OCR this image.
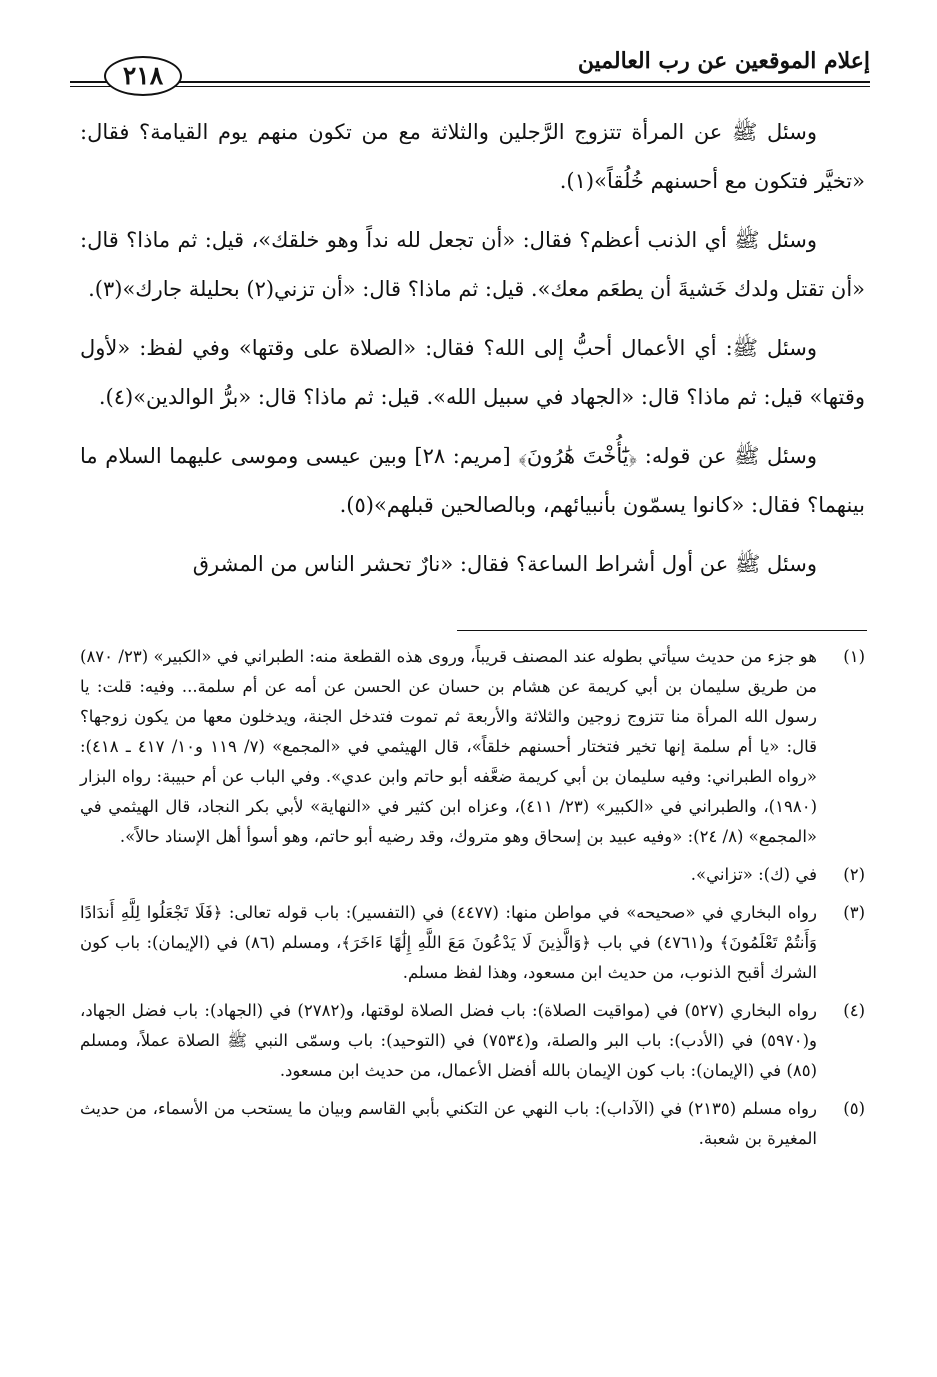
إعلام الموقعين عن رب العالمين
٢١٨

وسئل ﷺ عن المرأة تتزوج الرَّجلين والثلاثة مع من تكون منهم يوم القيامة؟ فقال: «تخيَّر فتكون مع أحسنهم خُلُقاً»(١).

وسئل ﷺ أي الذنب أعظم؟ فقال: «أن تجعل لله نداً وهو خلقك»، قيل: ثم ماذا؟ قال: «أن تقتل ولدك خَشيةَ أن يطعَم معك». قيل: ثم ماذا؟ قال: «أن تزني(٢) بحليلة جارك»(٣).

وسئل ﷺ: أي الأعمال أحبُّ إلى الله؟ فقال: «الصلاة على وقتها» وفي لفظ: «لأول وقتها» قيل: ثم ماذا؟ قال: «الجهاد في سبيل الله». قيل: ثم ماذا؟ قال: «برُّ الوالدين»(٤).

وسئل ﷺ عن قوله: ﴿يَٰٓأُخْتَ هَٰرُونَ﴾ [مريم: ٢٨] وبين عيسى وموسى عليهما السلام ما بينهما؟ فقال: «كانوا يسمّون بأنبيائهم، وبالصالحين قبلهم»(٥).

وسئل ﷺ عن أول أشراط الساعة؟ فقال: «نارٌ تحشر الناس من المشرق

(١)
هو جزء من حديث سيأتي بطوله عند المصنف قريباً، وروى هذه القطعة منه: الطبراني في «الكبير» (٢٣/ ٨٧٠) من طريق سليمان بن أبي كريمة عن هشام بن حسان عن الحسن عن أمه عن أم سلمة... وفيه: قلت: يا رسول الله المرأة منا تتزوج زوجين والثلاثة والأربعة ثم تموت فتدخل الجنة، ويدخلون معها من يكون زوجها؟ قال: «يا أم سلمة إنها تخير فتختار أحسنهم خلقاً»، قال الهيثمي في «المجمع» (٧/ ١١٩ و١٠/ ٤١٧ ـ ٤١٨): «رواه الطبراني: وفيه سليمان بن أبي كريمة ضعَّفه أبو حاتم وابن عدي». وفي الباب عن أم حبيبة: رواه البزار (١٩٨٠)، والطبراني في «الكبير» (٢٣/ ٤١١)، وعزاه ابن كثير في «النهاية» لأبي بكر النجاد، قال الهيثمي في «المجمع» (٨/ ٢٤): «وفيه عبيد بن إسحاق وهو متروك، وقد رضيه أبو حاتم، وهو أسوأ أهل الإسناد حالاً».
(٢)
في (ك): «تزاني».
(٣)
رواه البخاري في «صحيحه» في مواطن منها: (٤٤٧٧) في (التفسير): باب قوله تعالى: ﴿فَلَا تَجْعَلُوا لِلَّهِ أَندَادًا وَأَنتُمْ تَعْلَمُونَ﴾ و(٤٧٦١) في باب ﴿وَالَّذِينَ لَا يَدْعُونَ مَعَ اللَّهِ إِلَٰهًا ءَاخَرَ﴾، ومسلم (٨٦) في (الإيمان): باب كون الشرك أقبح الذنوب، من حديث ابن مسعود، وهذا لفظ مسلم.
(٤)
رواه البخاري (٥٢٧) في (مواقيت الصلاة): باب فضل الصلاة لوقتها، و(٢٧٨٢) في (الجهاد): باب فضل الجهاد، و(٥٩٧٠) في (الأدب): باب البر والصلة، و(٧٥٣٤) في (التوحيد): باب وسمّى النبي ﷺ الصلاة عملاً، ومسلم (٨٥) في (الإيمان): باب كون الإيمان بالله أفضل الأعمال، من حديث ابن مسعود.
(٥)
رواه مسلم (٢١٣٥) في (الآداب): باب النهي عن التكني بأبي القاسم وبيان ما يستحب من الأسماء، من حديث المغيرة بن شعبة.
